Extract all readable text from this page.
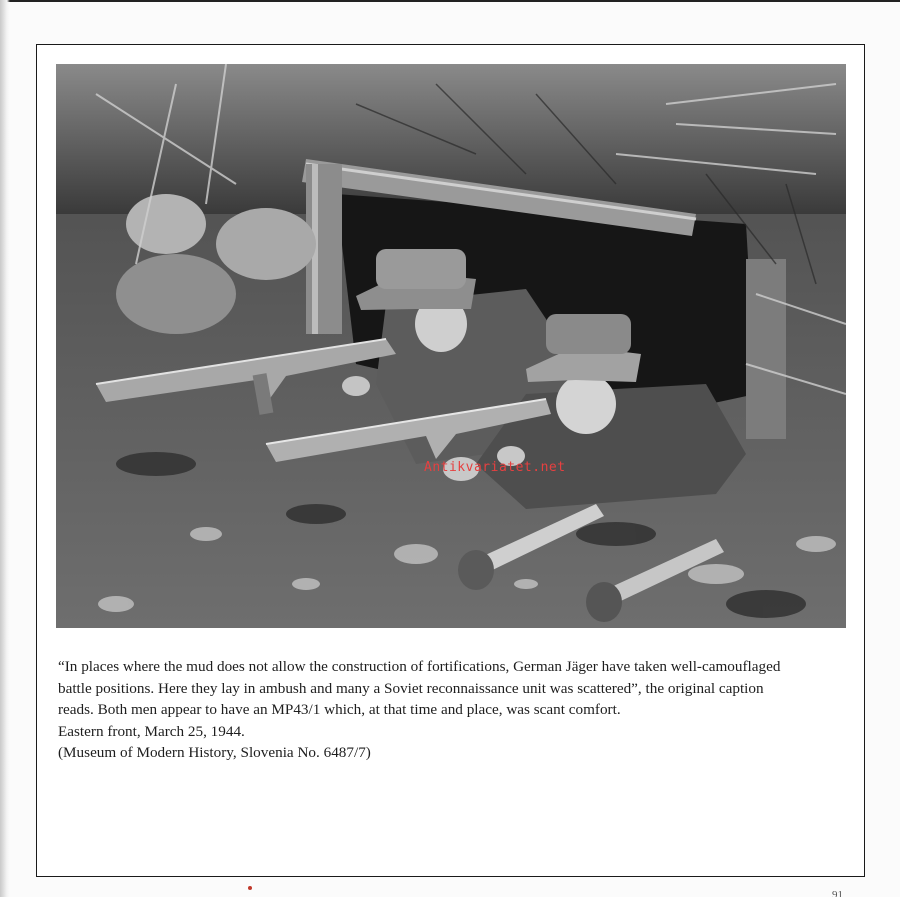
Antikvariatet.net
“In places where the mud does not allow the construction of fortifications, German Jäger have taken well-camouflaged
battle positions. Here they lay in ambush and many a Soviet reconnaissance unit was scattered”, the original caption
reads. Both men appear to have an MP43/1 which, at that time and place, was scant comfort.
Eastern front, March 25, 1944.
(Museum of Modern History, Slovenia No. 6487/7)
91
